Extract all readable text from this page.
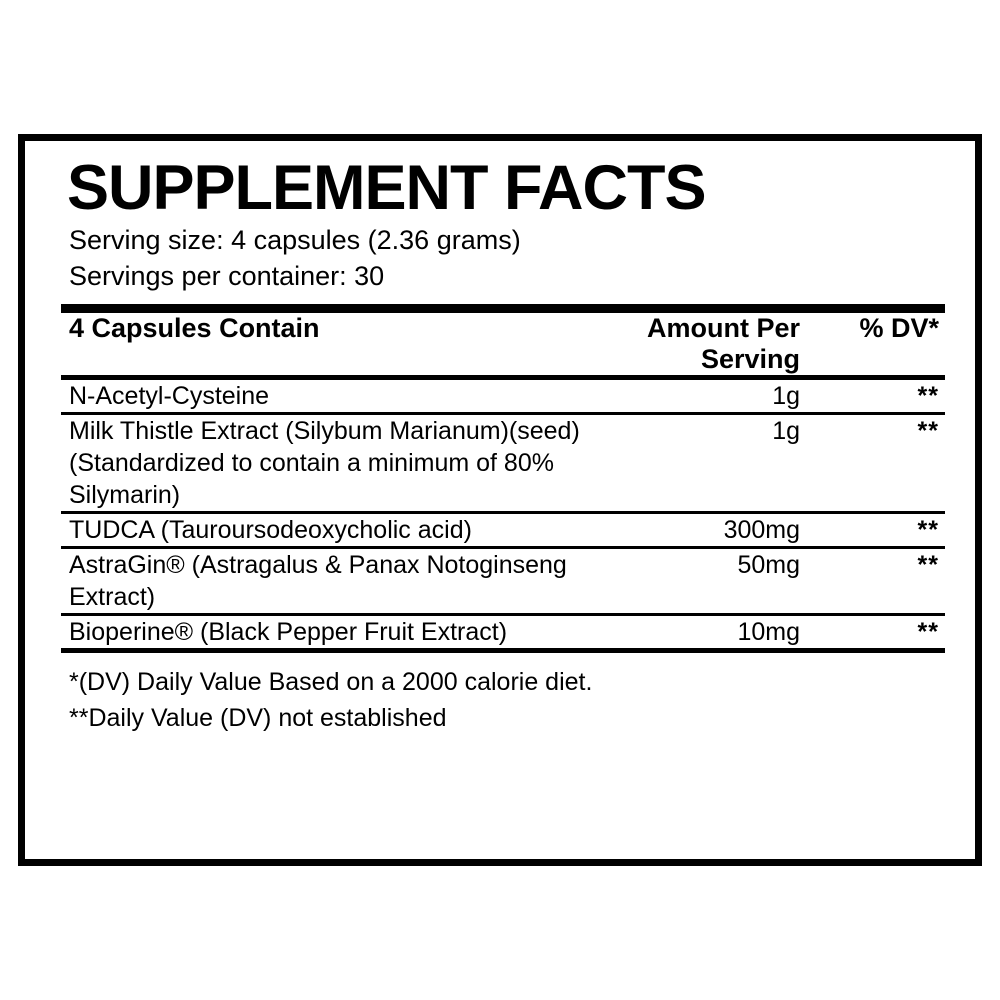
SUPPLEMENT FACTS
Serving size: 4 capsules (2.36 grams)
Servings per container: 30
4 Capsules Contain	Amount Per Serving	% DV*

N-Acetyl-Cysteine	1g	**

Milk Thistle Extract (Silybum Marianum)(seed)
(Standardized to contain a minimum of 80% Silymarin)	1g	**

TUDCA (Tauroursodeoxycholic acid)	300mg	**

AstraGin® (Astragalus & Panax Notoginseng Extract)	50mg	**

Bioperine® (Black Pepper Fruit Extract)	10mg	**
*(DV) Daily Value Based on a 2000 calorie diet.
**Daily Value (DV) not established
